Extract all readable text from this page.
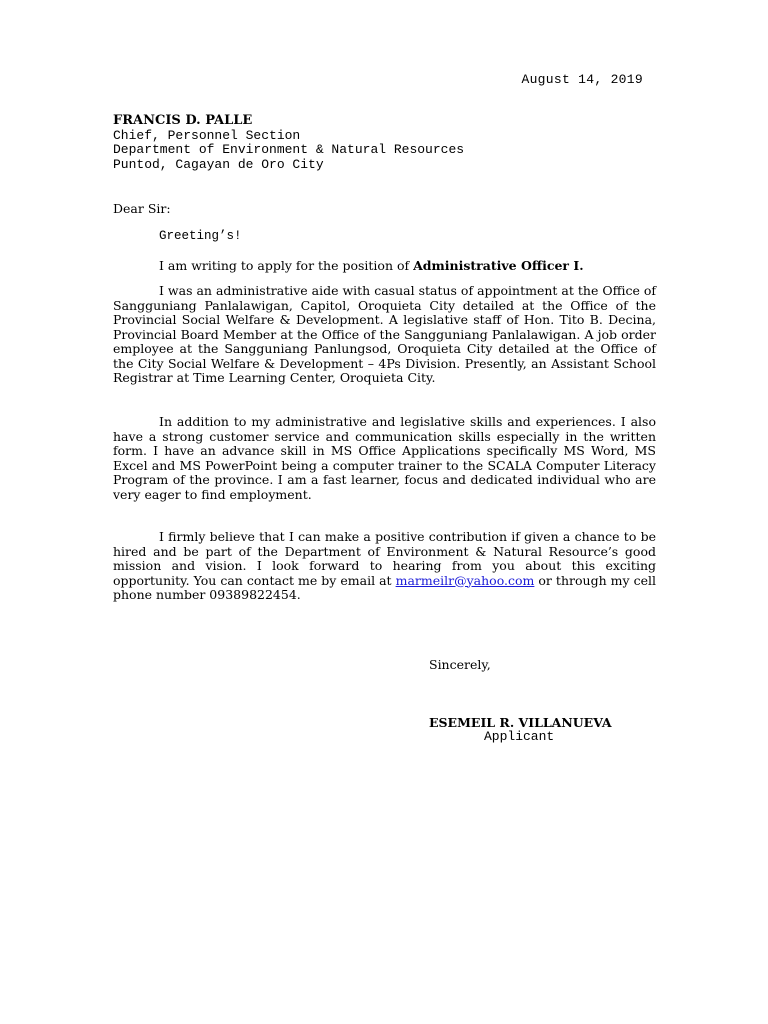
August 14, 2019
FRANCIS D. PALLE
Chief, Personnel Section
Department of Environment & Natural Resources
Puntod, Cagayan de Oro City
Dear Sir:
Greeting’s!
I am writing to apply for the position of Administrative Officer I.

I was an administrative aide with casual status of appointment at the Office of Sangguniang Panlalawigan, Capitol, Oroquieta City detailed at the Office of the Provincial Social Welfare & Development. A legislative staff of Hon. Tito B. Decina, Provincial Board Member at the Office of the Sangguniang Panlalawigan. A job order employee at the Sangguniang Panlungsod, Oroquieta City detailed at the Office of the City Social Welfare & Development – 4Ps Division. Presently, an Assistant School Registrar at Time Learning Center, Oroquieta City.

In addition to my administrative and legislative skills and experiences. I also have a strong customer service and communication skills especially in the written form. I have an advance skill in MS Office Applications specifically MS Word, MS Excel and MS PowerPoint being a computer trainer to the SCALA Computer Literacy Program of the province. I am a fast learner, focus and dedicated individual who are very eager to find employment.

I firmly believe that I can make a positive contribution if given a chance to be hired and be part of the Department of Environment & Natural Resource’s good mission and vision. I look forward to hearing from you about this exciting opportunity. You can contact me by email at marmeilr@yahoo.com or through my cell phone number 09389822454.

Sincerely,
ESEMEIL R. VILLANUEVA
Applicant
